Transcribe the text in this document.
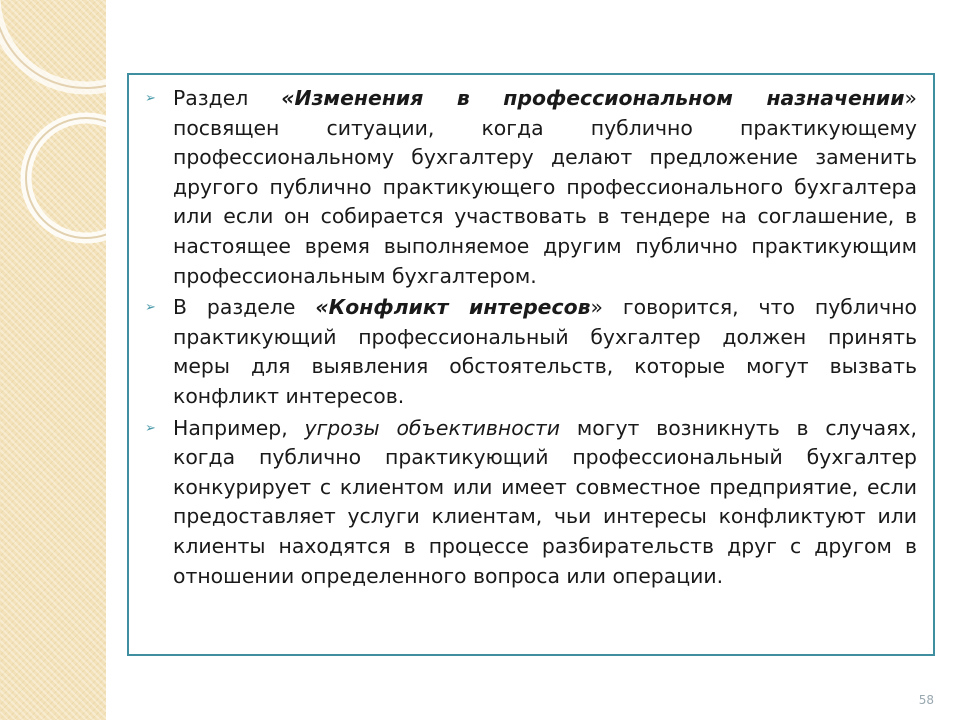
➢ Раздел «Изменения в профессиональном назначении» посвящен ситуации, когда публично практикующему профессиональному бухгалтеру делают предложение заменить другого публично практикующего профессионального бухгалтера или если он собирается участвовать в тендере на соглашение, в настоящее время выполняемое другим публично практикующим профессиональным бухгалтером.
➢ В разделе «Конфликт интересов» говорится, что публично практикующий профессиональный бухгалтер должен принять меры для выявления обстоятельств, которые могут вызвать конфликт интересов.
➢ Например, угрозы объективности могут возникнуть в случаях, когда публично практикующий профессиональный бухгалтер конкурирует с клиентом или имеет совместное предприятие, если предоставляет услуги клиентам, чьи интересы конфликтуют или клиенты находятся в процессе разбирательств друг с другом в отношении определенного вопроса или операции.
58
